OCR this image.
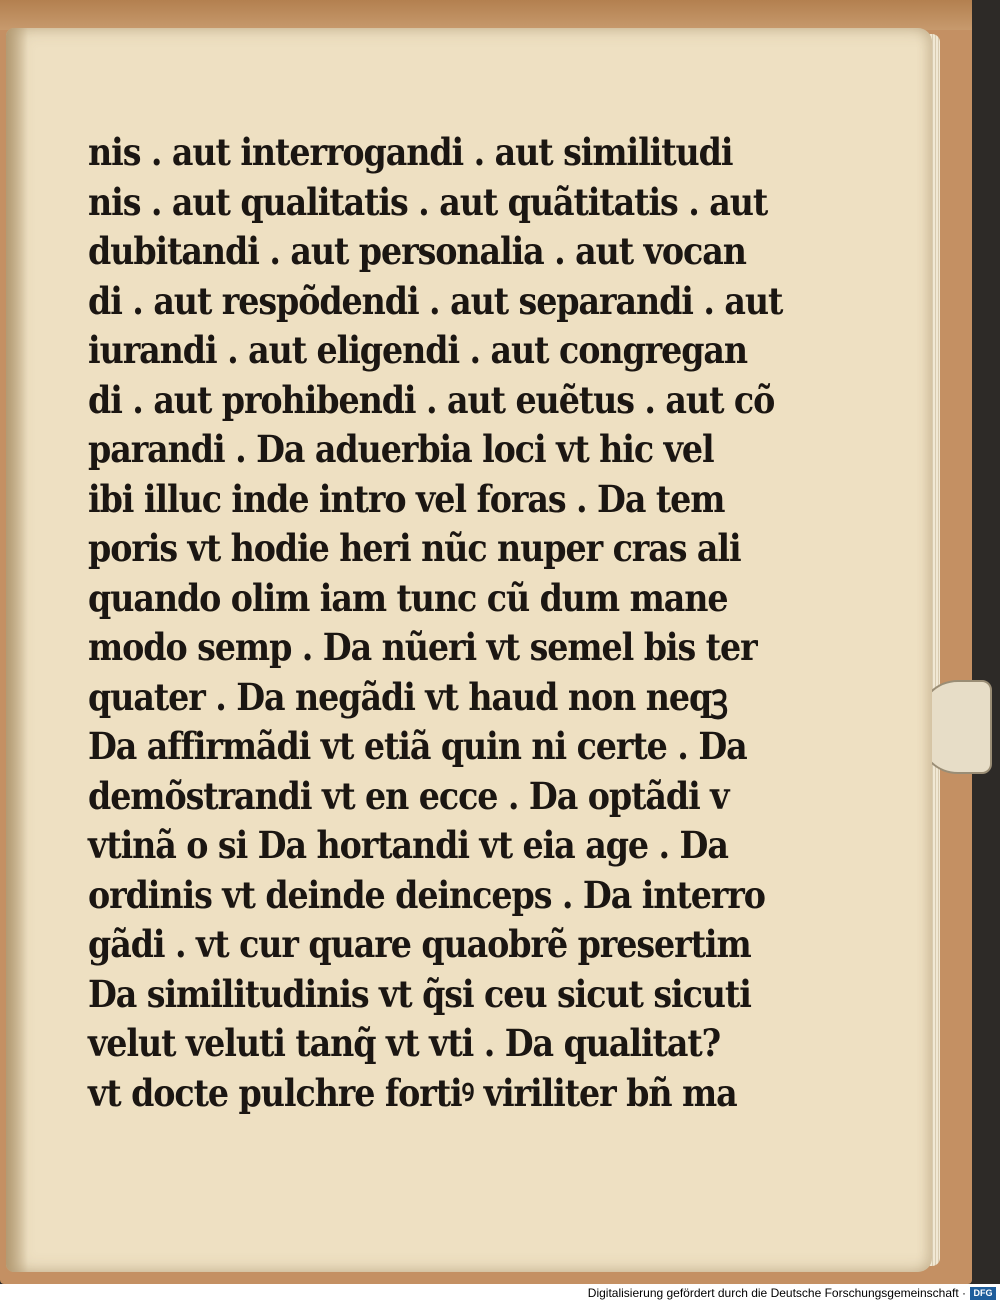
nis . aut interrogandi . aut similitudi
nis . aut qualitatis . aut quãtitatis . aut
dubitandi . aut personalia . aut vocan
di . aut respõdendi . aut separandi . aut
iurandi . aut eligendi . aut congregan
di . aut prohibendi . aut euẽtus . aut cõ
parandi . Da aduerbia loci vt hic vel
ibi illuc inde intro vel foras . Da tem
poris vt hodie heri nũc nuper cras ali
quando olim iam tunc cũ dum mane
modo semp . Da nũeri vt semel bis ter
quater . Da negãdi vt haud non neqꝫ
Da affirmãdi vt etiã quin ni certe . Da
demõstrandi vt en ecce . Da optãdi v
vtinã o si Da hortandi vt eia age . Da
ordinis vt deinde deinceps . Da interro
gãdi . vt cur quare quaobrẽ presertim
Da similitudinis vt q̃si ceu sicut sicuti
velut veluti tanq̃ vt vti . Da qualitat?
vt docte pulchre fortiꝰ viriliter bñ ma
Digitalisierung gefördert durch die Deutsche Forschungsgemeinschaft · DFG
